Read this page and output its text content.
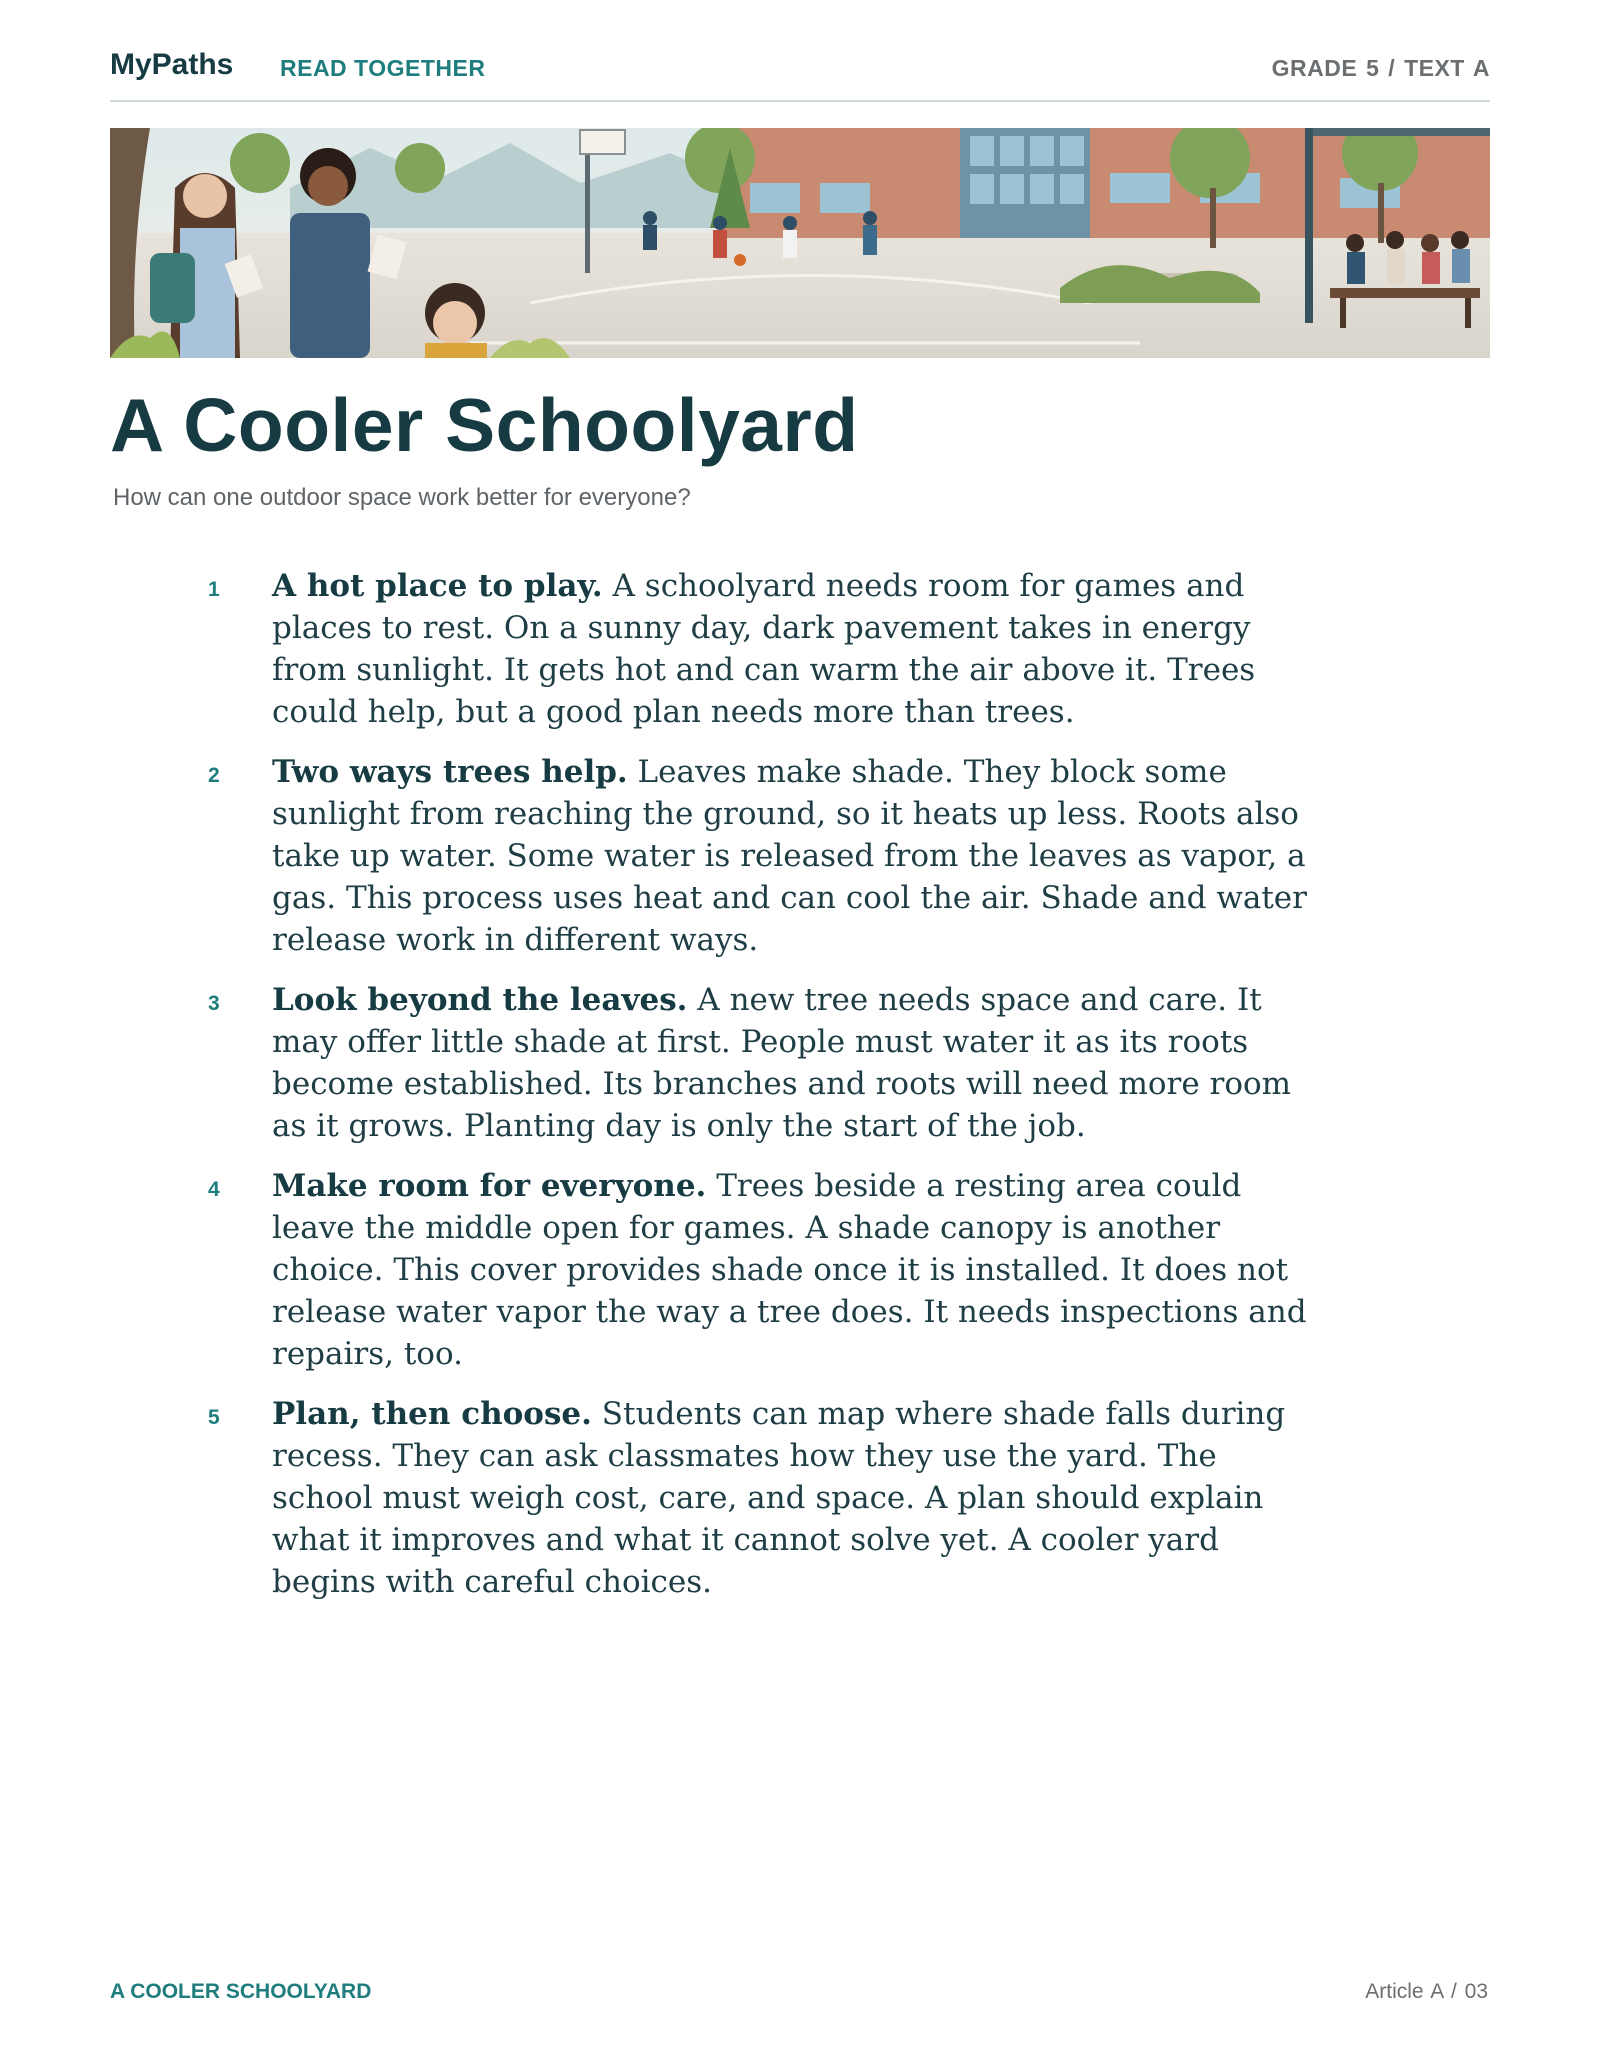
MyPaths READ TOGETHER	GRADE 5 / TEXT A
A Cooler Schoolyard
How can one outdoor space work better for everyone?
1 A hot place to play. A schoolyard needs room for games and places to rest. On a sunny day, dark pavement takes in energy from sunlight. It gets hot and can warm the air above it. Trees could help, but a good plan needs more than trees.
2 Two ways trees help. Leaves make shade. They block some sunlight from reaching the ground, so it heats up less. Roots also take up water. Some water is released from the leaves as vapor, a gas. This process uses heat and can cool the air. Shade and water release work in different ways.
3 Look beyond the leaves. A new tree needs space and care. It may offer little shade at first. People must water it as its roots become established. Its branches and roots will need more room as it grows. Planting day is only the start of the job.
4 Make room for everyone. Trees beside a resting area could leave the middle open for games. A shade canopy is another choice. This cover provides shade once it is installed. It does not release water vapor the way a tree does. It needs inspections and repairs, too.
5 Plan, then choose. Students can map where shade falls during recess. They can ask classmates how they use the yard. The school must weigh cost, care, and space. A plan should explain what it improves and what it cannot solve yet. A cooler yard begins with careful choices.
A COOLER SCHOOLYARD	Article A / 03
